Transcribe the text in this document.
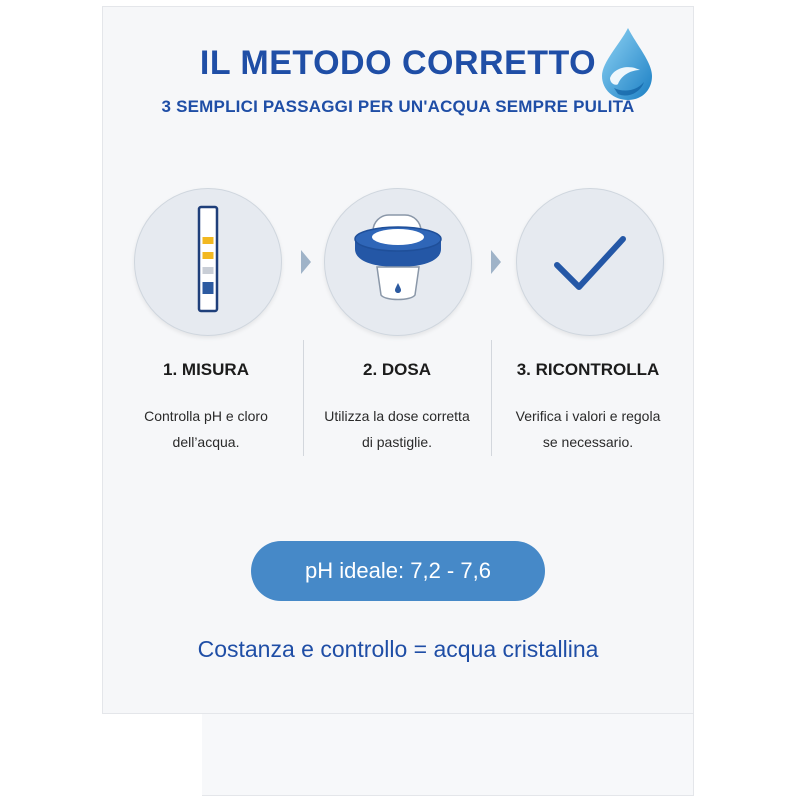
IL METODO CORRETTO
3 SEMPLICI PASSAGGI PER UN'ACQUA SEMPRE PULITA
1. MISURA
Controlla pH e cloro
dell’acqua.
2. DOSA
Utilizza la dose corretta
di pastiglie.
3. RICONTROLLA
Verifica i valori e regola
se necessario.
pH ideale: 7,2 - 7,6
Costanza e controllo = acqua cristallina
